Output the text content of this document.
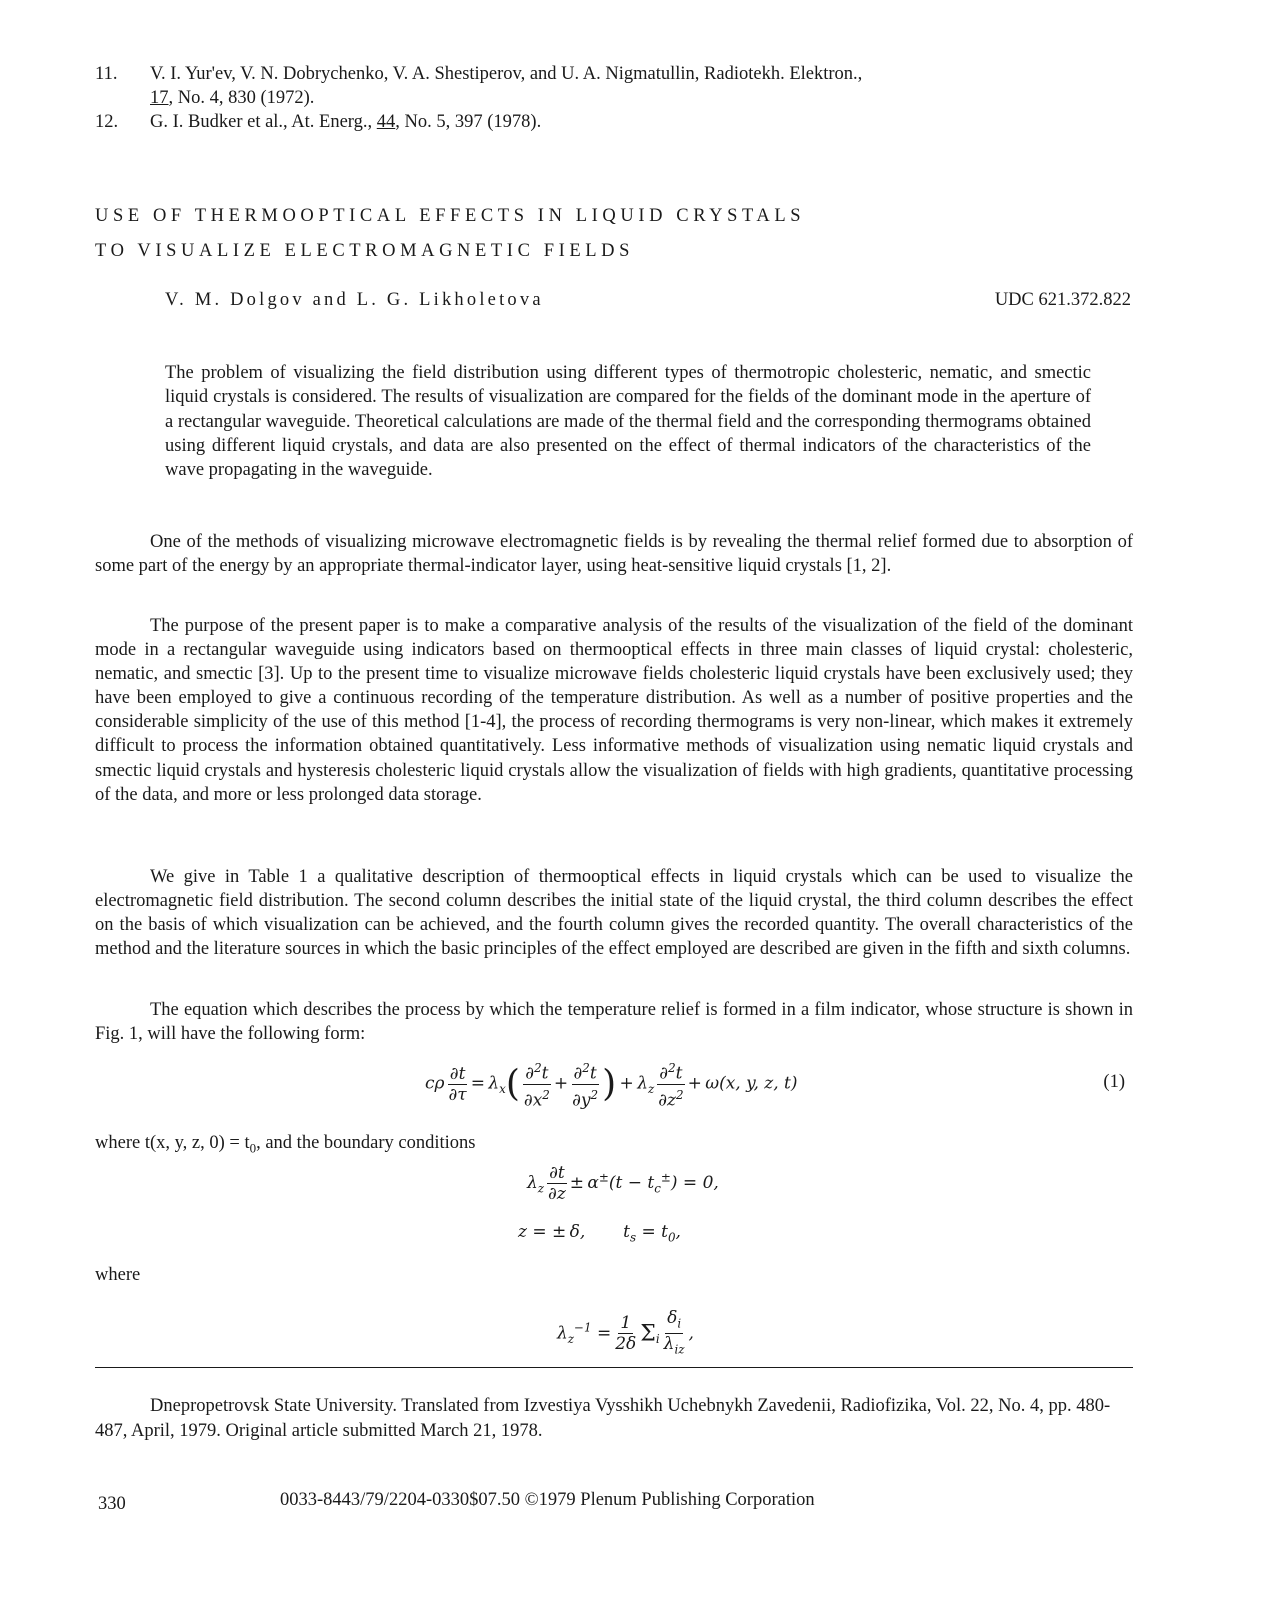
11. V. I. Yur'ev, V. N. Dobrychenko, V. A. Shestiperov, and U. A. Nigmatullin, Radiotekh. Elektron.,
17, No. 4, 830 (1972).
12. G. I. Budker et al., At. Energ., 44, No. 5, 397 (1978).
USE OF THERMOOPTICAL EFFECTS IN LIQUID CRYSTALS
TO VISUALIZE ELECTROMAGNETIC FIELDS
V. M. Dolgov and L. G. Likholetova	UDC 621.372.822
The problem of visualizing the field distribution using different types of thermotropic cholesteric, nematic, and smectic liquid crystals is considered. The results of visualization are compared for the fields of the dominant mode in the aperture of a rectangular waveguide. Theoretical calculations are made of the thermal field and the corresponding thermograms obtained using different liquid crystals, and data are also presented on the effect of thermal indicators of the characteristics of the wave propagating in the waveguide.
One of the methods of visualizing microwave electromagnetic fields is by revealing the thermal relief formed due to absorption of some part of the energy by an appropriate thermal-indicator layer, using heat-sensitive liquid crystals [1, 2].
The purpose of the present paper is to make a comparative analysis of the results of the visualization of the field of the dominant mode in a rectangular waveguide using indicators based on thermooptical effects in three main classes of liquid crystal: cholesteric, nematic, and smectic [3]. Up to the present time to visualize microwave fields cholesteric liquid crystals have been exclusively used; they have been employed to give a continuous recording of the temperature distribution. As well as a number of positive properties and the considerable simplicity of the use of this method [1-4], the process of recording thermograms is very non-linear, which makes it extremely difficult to process the information obtained quantitatively. Less informative methods of visualization using nematic liquid crystals and smectic liquid crystals and hysteresis cholesteric liquid crystals allow the visualization of fields with high gradients, quantitative processing of the data, and more or less prolonged data storage.
We give in Table 1 a qualitative description of thermooptical effects in liquid crystals which can be used to visualize the electromagnetic field distribution. The second column describes the initial state of the liquid crystal, the third column describes the effect on the basis of which visualization can be achieved, and the fourth column gives the recorded quantity. The overall characteristics of the method and the literature sources in which the basic principles of the effect employed are described are given in the fifth and sixth columns.
The equation which describes the process by which the temperature relief is formed in a film indicator, whose structure is shown in Fig. 1, will have the following form:
cρ $\frac{\partial t}{\partial\tau} = \lambda_x( \frac{\partial^2t}{\partial x^2} + \frac{\partial^2t}{\partial y^2}$ ) + $\lambda_z \frac{\partial^2t}{\partial z^2} + \omega(x$, y, z, t)	(1)
where t(x, y, z, $0) = t_0$, and the boundary conditions
$\lambda_z \frac{\partial t}{\partial z} \pm \alpha^\pm(t - t_c^\pm) = 0$,
z = ± δ,       $t_s = t_0$,
where
$\lambda_z^{-1} = \frac{1}{2\delta} \Sigma_i \frac{\delta_i}{\lambda_{iz}}$ ,
Dnepropetrovsk State University. Translated from Izvestiya Vysshikh Uchebnykh Zavedenii, Radiofizika, Vol. 22, No. 4, pp. 480-487, April, 1979. Original article submitted March 21, 1978.
330	0033-8443/79/2204-0330$07.50 ©1979 Plenum Publishing Corporation
